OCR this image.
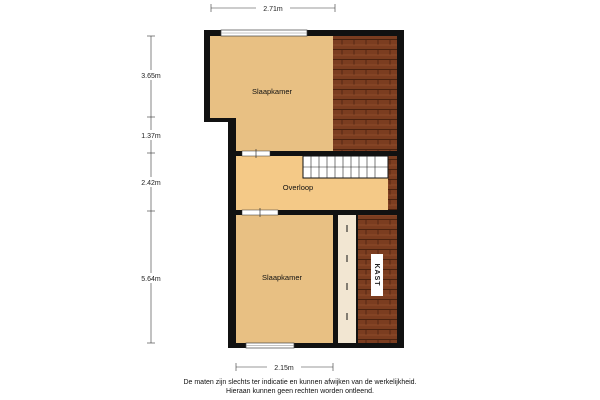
2.71m
2.15m
3.65m
1.37m
2.42m
5.64m
Slaapkamer
Overloop
Slaapkamer	KAST
De maten zijn slechts ter indicatie en kunnen afwijken van de werkelijkheid.
Hieraan kunnen geen rechten worden ontleend.
